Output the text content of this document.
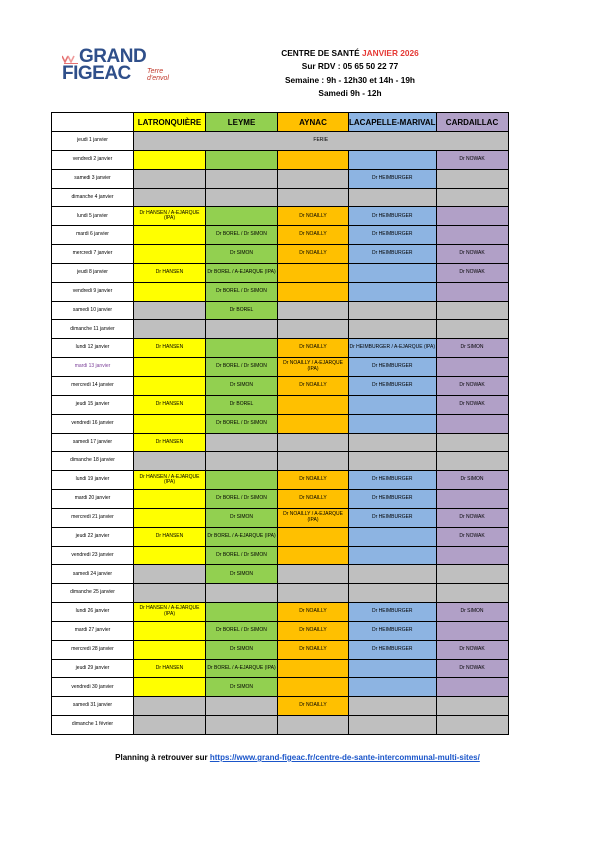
GRAND
FIGEAC Terre d'envol
CENTRE DE SANTÉ JANVIER 2026
Sur RDV : 05 65 50 22 77
Semaine : 9h - 12h30 et 14h - 19h
Samedi 9h - 12h
	LATRONQUIÈRE	LEYME	AYNAC	LACAPELLE-MARIVAL	CARDAILLAC
jeudi 1 janvier	FERIE				
vendredi 2 janvier					Dr NOWAK
samedi 3 janvier				Dr HEIMBURGER	
dimanche 4 janvier					
lundi 5 janvier	Dr HANSEN / A-EJARQUE (IPA)		Dr NOAILLY	Dr HEIMBURGER	
mardi 6 janvier		Dr BOREL / Dr SIMON	Dr NOAILLY	Dr HEIMBURGER	
mercredi 7 janvier		Dr SIMON	Dr NOAILLY	Dr HEIMBURGER	Dr NOWAK
jeudi 8 janvier	Dr HANSEN	Dr BOREL / A-EJARQUE (IPA)			Dr NOWAK
vendredi 9 janvier		Dr BOREL / Dr SIMON			
samedi 10 janvier		Dr BOREL			
dimanche 11 janvier					
lundi 12 janvier	Dr HANSEN		Dr NOAILLY	Dr HEIMBURGER / A-EJARQUE (IPA)	Dr SIMON
mardi 13 janvier		Dr BOREL / Dr SIMON	Dr NOAILLY / A-EJARQUE (IPA)	Dr HEIMBURGER	
mercredi 14 janvier		Dr SIMON	Dr NOAILLY	Dr HEIMBURGER	Dr NOWAK
jeudi 15 janvier	Dr HANSEN	Dr BOREL			Dr NOWAK
vendredi 16 janvier		Dr BOREL / Dr SIMON			
samedi 17 janvier	Dr HANSEN				
dimanche 18 janvier					
lundi 19 janvier	Dr HANSEN / A-EJARQUE (IPA)		Dr NOAILLY	Dr HEIMBURGER	Dr SIMON
mardi 20 janvier		Dr BOREL / Dr SIMON	Dr NOAILLY	Dr HEIMBURGER	
mercredi 21 janvier		Dr SIMON	Dr NOAILLY / A-EJARQUE (IPA)	Dr HEIMBURGER	Dr NOWAK
jeudi 22 janvier	Dr HANSEN	Dr BOREL / A-EJARQUE (IPA)			Dr NOWAK
vendredi 23 janvier		Dr BOREL / Dr SIMON			
samedi 24 janvier		Dr SIMON			
dimanche 25 janvier					
lundi 26 janvier	Dr HANSEN / A-EJARQUE (IPA)		Dr NOAILLY	Dr HEIMBURGER	Dr SIMON
mardi 27 janvier		Dr BOREL / Dr SIMON	Dr NOAILLY	Dr HEIMBURGER	
mercredi 28 janvier		Dr SIMON	Dr NOAILLY	Dr HEIMBURGER	Dr NOWAK
jeudi 29 janvier	Dr HANSEN	Dr BOREL / A-EJARQUE (IPA)			Dr NOWAK
vendredi 30 janvier		Dr SIMON			
samedi 31 janvier			Dr NOAILLY		
dimanche 1 février					
Planning à retrouver sur https://www.grand-figeac.fr/centre-de-sante-intercommunal-multi-sites/
